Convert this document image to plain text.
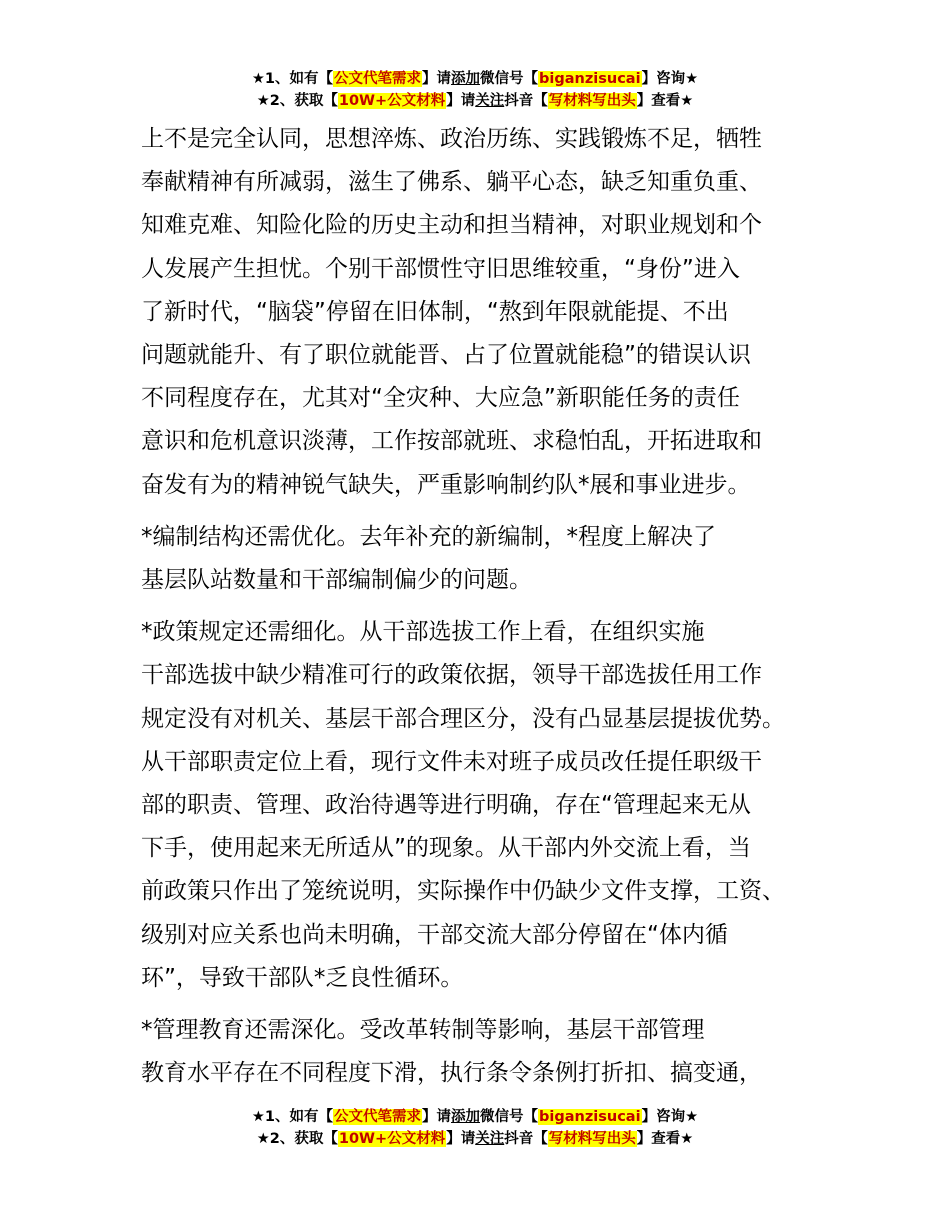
★1、如有【公文代笔需求】请添加微信号【biganzisucai】咨询★
★2、获取【10W+公文材料】请关注抖音【写材料写出头】查看★

上不是完全认同，思想淬炼、政治历练、实践锻炼不足，牺牲

奉献精神有所减弱，滋生了佛系、躺平心态，缺乏知重负重、

知难克难、知险化险的历史主动和担当精神，对职业规划和个

人发展产生担忧。个别干部惯性守旧思维较重，“身份”进入

了新时代，“脑袋”停留在旧体制，“熬到年限就能提、不出

问题就能升、有了职位就能晋、占了位置就能稳”的错误认识

不同程度存在，尤其对“全灾种、大应急”新职能任务的责任

意识和危机意识淡薄，工作按部就班、求稳怕乱，开拓进取和

奋发有为的精神锐气缺失，严重影响制约队*展和事业进步。

*编制结构还需优化。去年补充的新编制，*程度上解决了

基层队站数量和干部编制偏少的问题。

*政策规定还需细化。从干部选拔工作上看，在组织实施

干部选拔中缺少精准可行的政策依据，领导干部选拔任用工作

规定没有对机关、基层干部合理区分，没有凸显基层提拔优势。

从干部职责定位上看，现行文件未对班子成员改任提任职级干

部的职责、管理、政治待遇等进行明确，存在“管理起来无从

下手，使用起来无所适从”的现象。从干部内外交流上看，当

前政策只作出了笼统说明，实际操作中仍缺少文件支撑，工资、

级别对应关系也尚未明确，干部交流大部分停留在“体内循

环”，导致干部队*乏良性循环。

*管理教育还需深化。受改革转制等影响，基层干部管理

教育水平存在不同程度下滑，执行条令条例打折扣、搞变通，

★1、如有【公文代笔需求】请添加微信号【biganzisucai】咨询★
★2、获取【10W+公文材料】请关注抖音【写材料写出头】查看★
